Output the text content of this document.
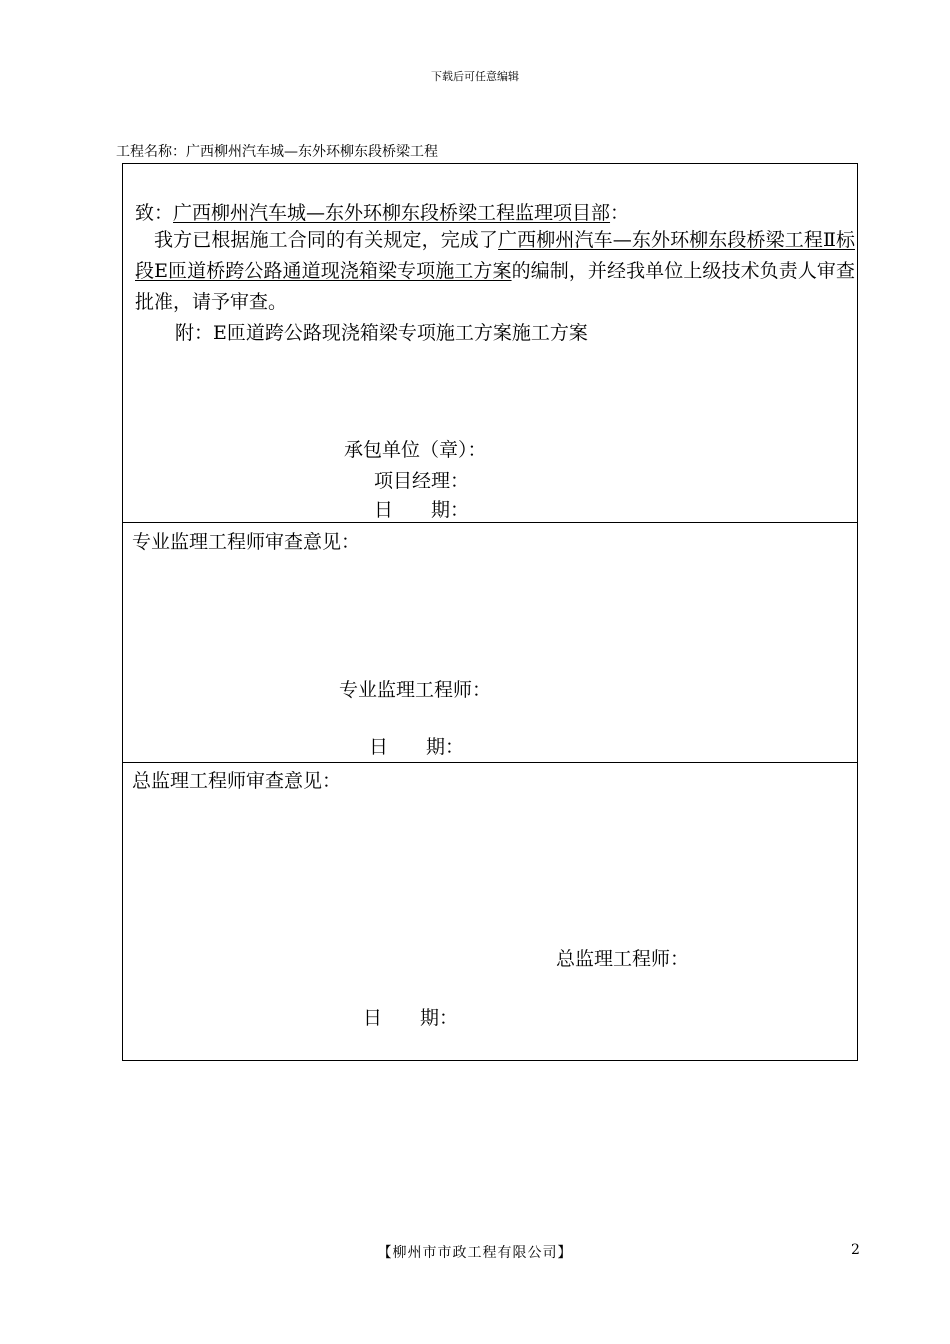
下载后可任意编辑
工程名称：广西柳州汽车城—东外环柳东段桥梁工程
致：广西柳州汽车城—东外环柳东段桥梁工程监理项目部：
我方已根据施工合同的有关规定，完成了广西柳州汽车—东外环柳东段桥梁工程Ⅱ标段E匝道桥跨公路通道现浇箱梁专项施工方案的编制，并经我单位上级技术负责人审查批准，请予审查。
附：E匝道跨公路现浇箱梁专项施工方案施工方案
承包单位（章）：
项目经理：
日　　期：
专业监理工程师审查意见：
专业监理工程师：
日　　期：
总监理工程师审查意见：
总监理工程师：
日　　期：
【柳州市市政工程有限公司】	2
